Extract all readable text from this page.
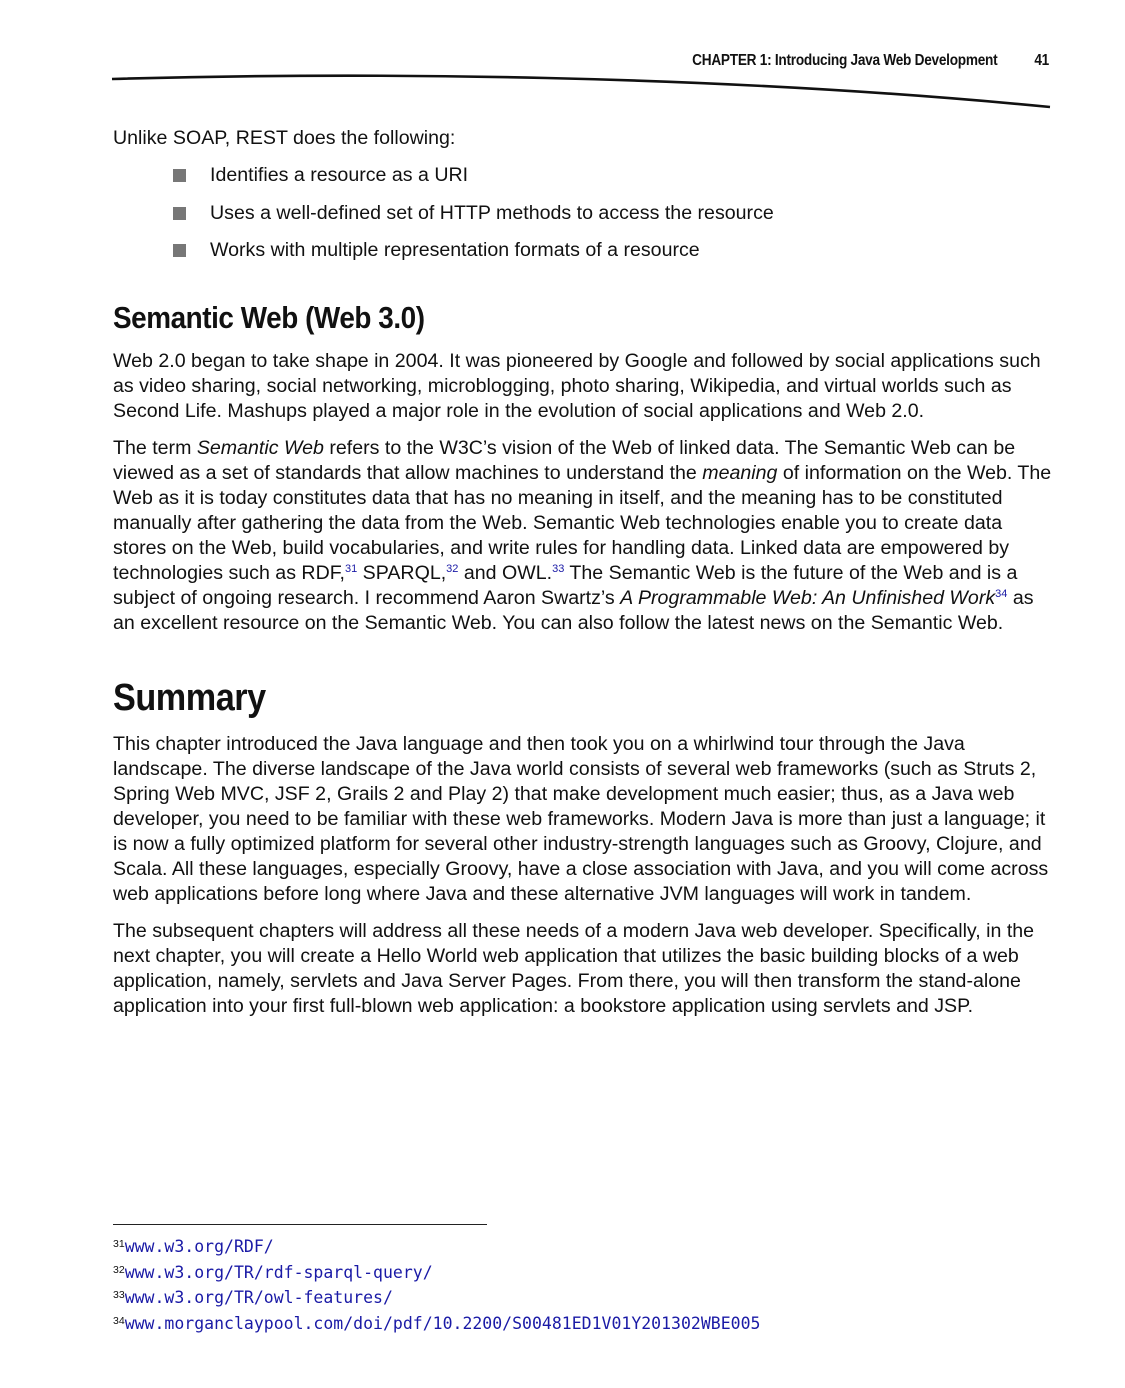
CHAPTER 1: Introducing Java Web Development 41

Unlike SOAP, REST does the following:

Identifies a resource as a URI
Uses a well-defined set of HTTP methods to access the resource
Works with multiple representation formats of a resource
Semantic Web (Web 3.0)

Web 2.0 began to take shape in 2004. It was pioneered by Google and followed by social applications such as video sharing, social networking, microblogging, photo sharing, Wikipedia, and virtual worlds such as Second Life. Mashups played a major role in the evolution of social applications and Web 2.0.

The term Semantic Web refers to the W3C’s vision of the Web of linked data. The Semantic Web can be viewed as a set of standards that allow machines to understand the meaning of information on the Web. The Web as it is today constitutes data that has no meaning in itself, and the meaning has to be constituted manually after gathering the data from the Web. Semantic Web technologies enable you to create data stores on the Web, build vocabularies, and write rules for handling data. Linked data are empowered by technologies such as RDF,$^{31}$ SPARQL,$^{32}$ and OWL.$^{33}$ The Semantic Web is the future of the Web and is a subject of ongoing research. I recommend Aaron Swartz’s A Programmable Web: An Unfinished Work$^{34}$ as an excellent resource on the Semantic Web. You can also follow the latest news on the Semantic Web.

Summary

This chapter introduced the Java language and then took you on a whirlwind tour through the Java landscape. The diverse landscape of the Java world consists of several web frameworks (such as Struts 2, Spring Web MVC, JSF 2, Grails 2 and Play 2) that make development much easier; thus, as a Java web developer, you need to be familiar with these web frameworks. Modern Java is more than just a language; it is now a fully optimized platform for several other industry-strength languages such as Groovy, Clojure, and Scala. All these languages, especially Groovy, have a close association with Java, and you will come across web applications before long where Java and these alternative JVM languages will work in tandem.

The subsequent chapters will address all these needs of a modern Java web developer. Specifically, in the next chapter, you will create a Hello World web application that utilizes the basic building blocks of a web application, namely, servlets and Java Server Pages. From there, you will then transform the stand-alone application into your first full-blown web application: a bookstore application using servlets and JSP.

$^{31}$www.w3.org/RDF/
$^{32}$www.w3.org/TR/rdf-sparql-query/
$^{33}$www.w3.org/TR/owl-features/
$^{34}$www.morganclaypool.com/doi/pdf/10.2200/S00481ED1V01Y201302WBE005
